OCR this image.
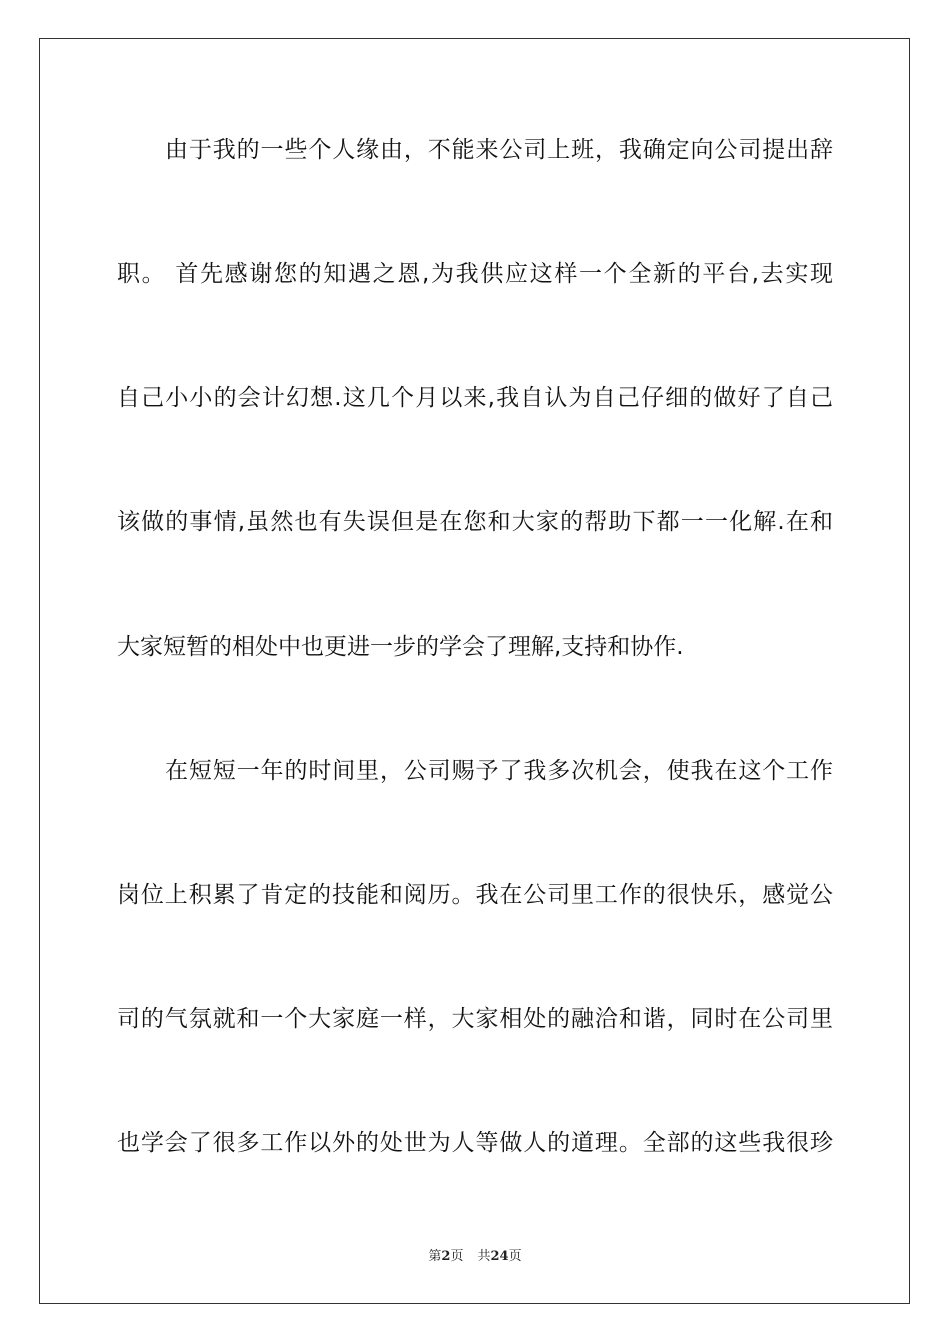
由于我的一些个人缘由，不能来公司上班，我确定向公司提出辞
职。 首先感谢您的知遇之恩,为我供应这样一个全新的平台,去实现
自己小小的会计幻想.这几个月以来,我自认为自己仔细的做好了自己
该做的事情,虽然也有失误但是在您和大家的帮助下都一一化解.在和
大家短暂的相处中也更进一步的学会了理解,支持和协作.
在短短一年的时间里，公司赐予了我多次机会，使我在这个工作
岗位上积累了肯定的技能和阅历。我在公司里工作的很快乐，感觉公
司的气氛就和一个大家庭一样，大家相处的融洽和谐，同时在公司里
也学会了很多工作以外的处世为人等做人的道理。全部的这些我很珍
第2页 共24页
